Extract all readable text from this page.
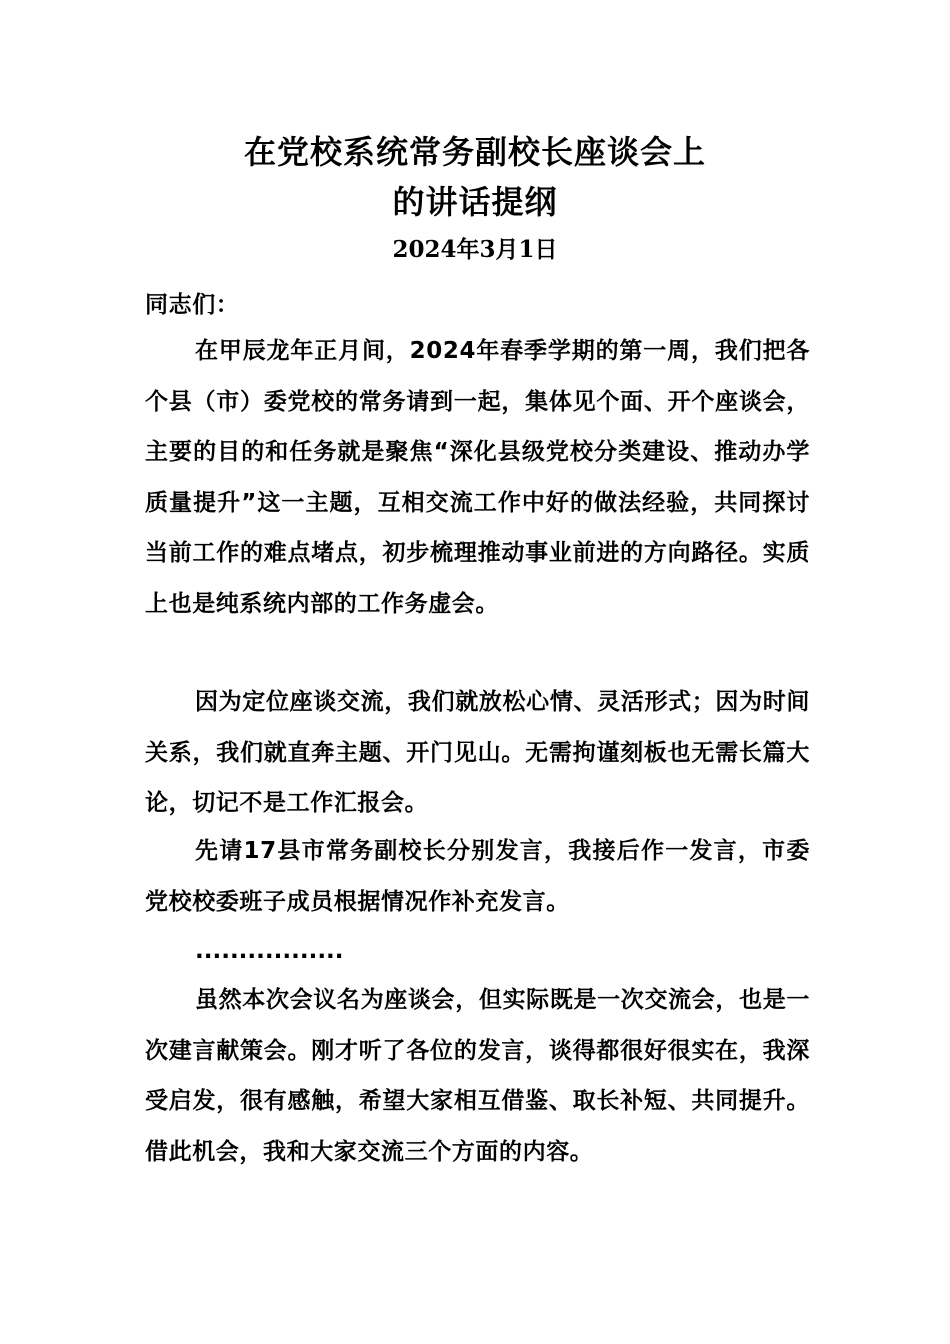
在党校系统常务副校长座谈会上
的讲话提纲
2024年3月1日
同志们：
在甲辰龙年正月间，2024年春季学期的第一周，我们把各个县（市）委党校的常务请到一起，集体见个面、开个座谈会，主要的目的和任务就是聚焦“深化县级党校分类建设、推动办学质量提升”这一主题，互相交流工作中好的做法经验，共同探讨当前工作的难点堵点，初步梳理推动事业前进的方向路径。实质上也是纯系统内部的工作务虚会。
因为定位座谈交流，我们就放松心情、灵活形式；因为时间关系，我们就直奔主题、开门见山。无需拘谨刻板也无需长篇大论，切记不是工作汇报会。
先请17县市常务副校长分别发言，我接后作一发言，市委党校校委班子成员根据情况作补充发言。
.................
虽然本次会议名为座谈会，但实际既是一次交流会，也是一次建言献策会。刚才听了各位的发言，谈得都很好很实在，我深受启发，很有感触，希望大家相互借鉴、取长补短、共同提升。借此机会，我和大家交流三个方面的内容。
